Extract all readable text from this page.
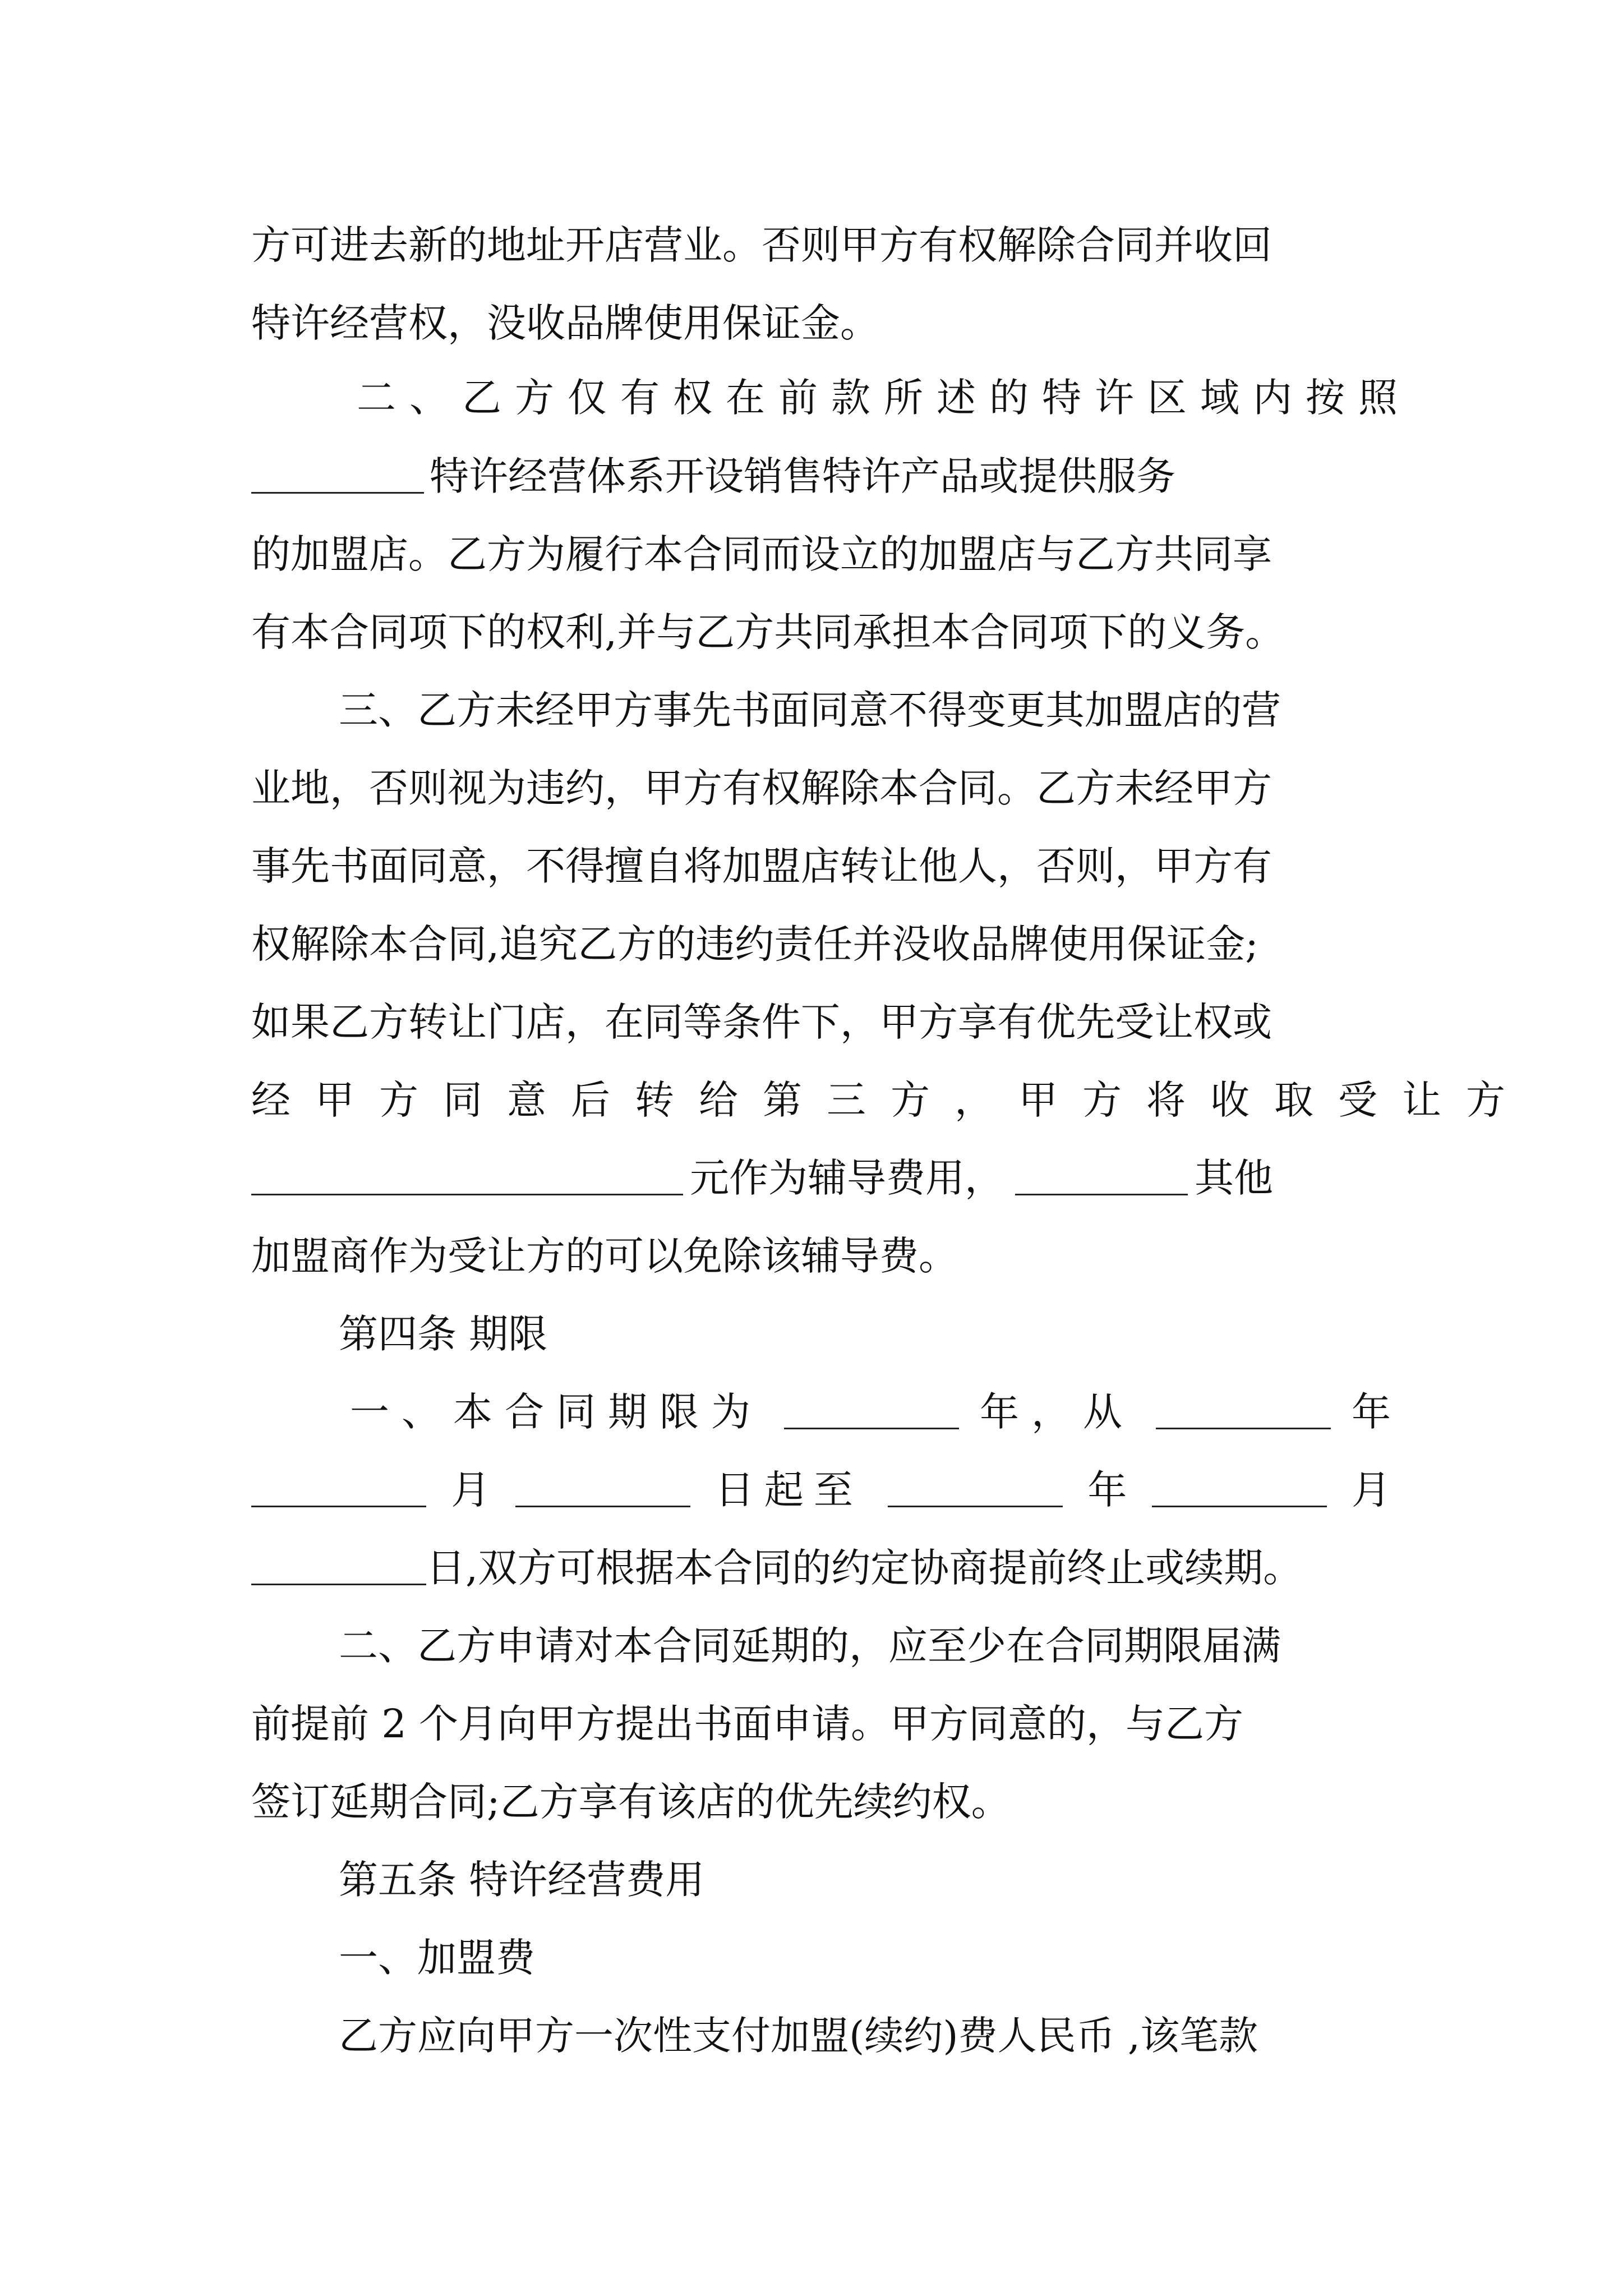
方可进去新的地址开店营业。否则甲方有权解除合同并收回
特许经营权，没收品牌使用保证金。
二、乙方仅有权在前款所述的特许区域内按照
特许经营体系开设销售特许产品或提供服务
的加盟店。乙方为履行本合同而设立的加盟店与乙方共同享
有本合同项下的权利,并与乙方共同承担本合同项下的义务。
三、乙方未经甲方事先书面同意不得变更其加盟店的营
业地，否则视为违约，甲方有权解除本合同。乙方未经甲方
事先书面同意，不得擅自将加盟店转让他人，否则，甲方有
权解除本合同,追究乙方的违约责任并没收品牌使用保证金;
如果乙方转让门店，在同等条件下，甲方享有优先受让权或
经甲方同意后转给第三方，甲方将收取受让方
元作为辅导费用，	其他
加盟商作为受让方的可以免除该辅导费。
第四条 期限
一、本合同期限为	年，从	年
月	日起至	年	月
日,双方可根据本合同的约定协商提前终止或续期。
二、乙方申请对本合同延期的，应至少在合同期限届满
前提前 2 个月向甲方提出书面申请。甲方同意的，与乙方
签订延期合同;乙方享有该店的优先续约权。
第五条 特许经营费用
一、加盟费
乙方应向甲方一次性支付加盟(续约)费人民币 ,该笔款
